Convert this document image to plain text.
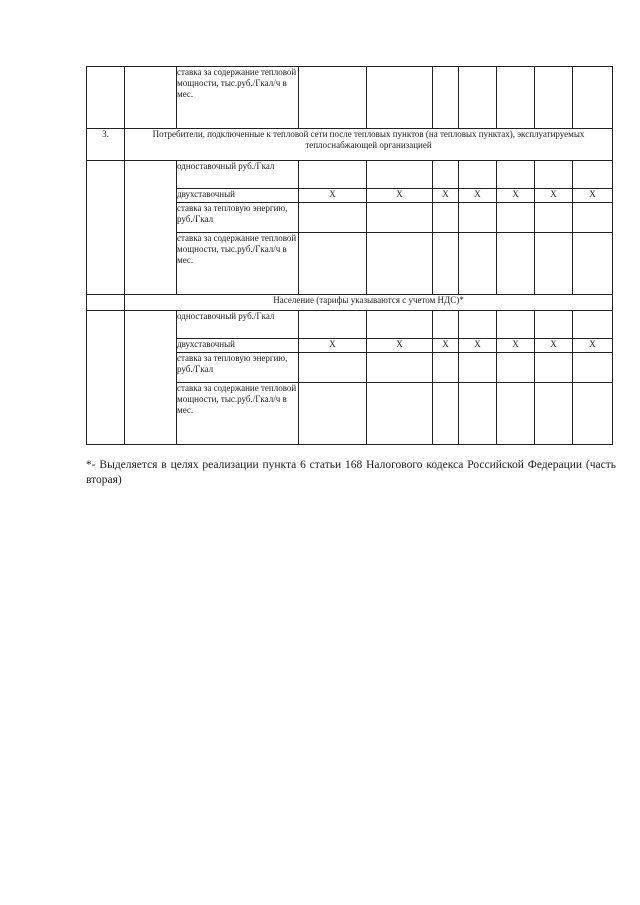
		ставка за содержание тепловой мощности, тыс.руб./Гкал/ч в мес.							
3.	Потребители, подключенные к тепловой сети после тепловых пунктов (на тепловых пунктах), эксплуатируемых теплоснабжающей организацией								
		одноставочный руб./Гкал							
		двухставочный	Х	Х	Х	Х	Х	Х	Х
		ставка за тепловую энергию, руб./Гкал							
		ставка за содержание тепловой мощности, тыс.руб./Гкал/ч в мес.							
	Население (тарифы указываются с учетом НДС)*								
		одноставочный руб./Гкал							
		двухставочный	Х	Х	Х	Х	Х	Х	Х
		ставка за тепловую энергию, руб./Гкал							
		ставка за содержание тепловой мощности, тыс.руб./Гкал/ч в мес.							
*- Выделяется в целях реализации пункта 6 статьи 168 Налогового кодекса Российской Федерации (часть вторая)
